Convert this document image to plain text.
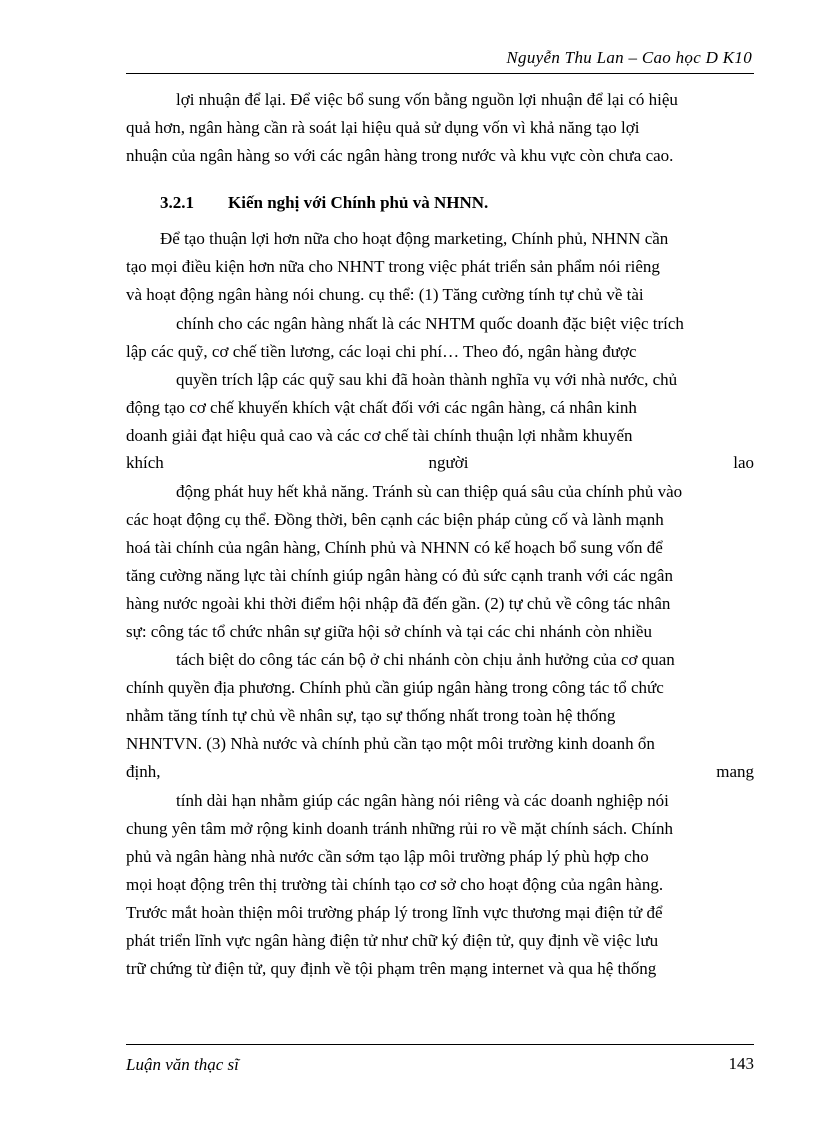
Nguyễn Thu Lan – Cao học D K10
lợi nhuận để lại. Để việc bổ sung vốn bằng nguồn lợi nhuận để lại có hiệu
quả hơn, ngân hàng cần rà soát lại hiệu quả sử dụng vốn vì khả năng tạo lợi
nhuận của ngân hàng so với các ngân hàng trong nước và khu vực còn chưa cao.
3.2.1 Kiến nghị với Chính phủ và NHNN.
Để tạo thuận lợi hơn nữa cho hoạt động marketing, Chính phủ, NHNN cần
tạo mọi điều kiện hơn nữa cho NHNT trong việc phát triển sản phẩm nói riêng
và hoạt động ngân hàng nói chung. cụ thể: (1) Tăng cường tính tự chủ về tài
chính cho các ngân hàng nhất là các NHTM quốc doanh đặc biệt việc trích
lập các quỹ, cơ chế tiền lương, các loại chi phí… Theo đó, ngân hàng được
quyền trích lập các quỹ sau khi đã hoàn thành nghĩa vụ với nhà nước, chủ
động tạo cơ chế khuyến khích vật chất đối với các ngân hàng, cá nhân kinh
doanh giải đạt hiệu quả cao và các cơ chế tài chính thuận lợi nhằm khuyến
khích	người	lao
động phát huy hết khả năng. Tránh sù can thiệp quá sâu của chính phủ vào
các hoạt động cụ thể. Đồng thời, bên cạnh các biện pháp củng cố và lành mạnh
hoá tài chính của ngân hàng, Chính phủ và NHNN có kế hoạch bổ sung vốn để
tăng cường năng lực tài chính giúp ngân hàng có đủ sức cạnh tranh với các ngân
hàng nước ngoài khi thời điểm hội nhập đã đến gần. (2) tự chủ về công tác nhân
sự: công tác tổ chức nhân sự giữa hội sở chính và tại các chi nhánh còn nhiều
tách biệt do công tác cán bộ ở chi nhánh còn chịu ảnh hưởng của cơ quan
chính quyền địa phương. Chính phủ cần giúp ngân hàng trong công tác tổ chức
nhằm tăng tính tự chủ về nhân sự, tạo sự thống nhất trong toàn hệ thống
NHNTVN. (3) Nhà nước và chính phủ cần tạo một môi trường kinh doanh ổn
định,	mang
tính dài hạn nhằm giúp các ngân hàng nói riêng và các doanh nghiệp nói
chung yên tâm mở rộng kinh doanh tránh những rủi ro về mặt chính sách. Chính
phủ và ngân hàng nhà nước cần sớm tạo lập môi trường pháp lý phù hợp cho
mọi hoạt động trên thị trường tài chính tạo cơ sở cho hoạt động của ngân hàng.
Trước mắt hoàn thiện môi trường pháp lý trong lĩnh vực thương mại điện tử để
phát triển lĩnh vực ngân hàng điện tử như chữ ký điện tử, quy định về việc lưu
trữ chứng từ điện tử, quy định về tội phạm trên mạng internet và qua hệ thống
Luận văn thạc sĩ	143
